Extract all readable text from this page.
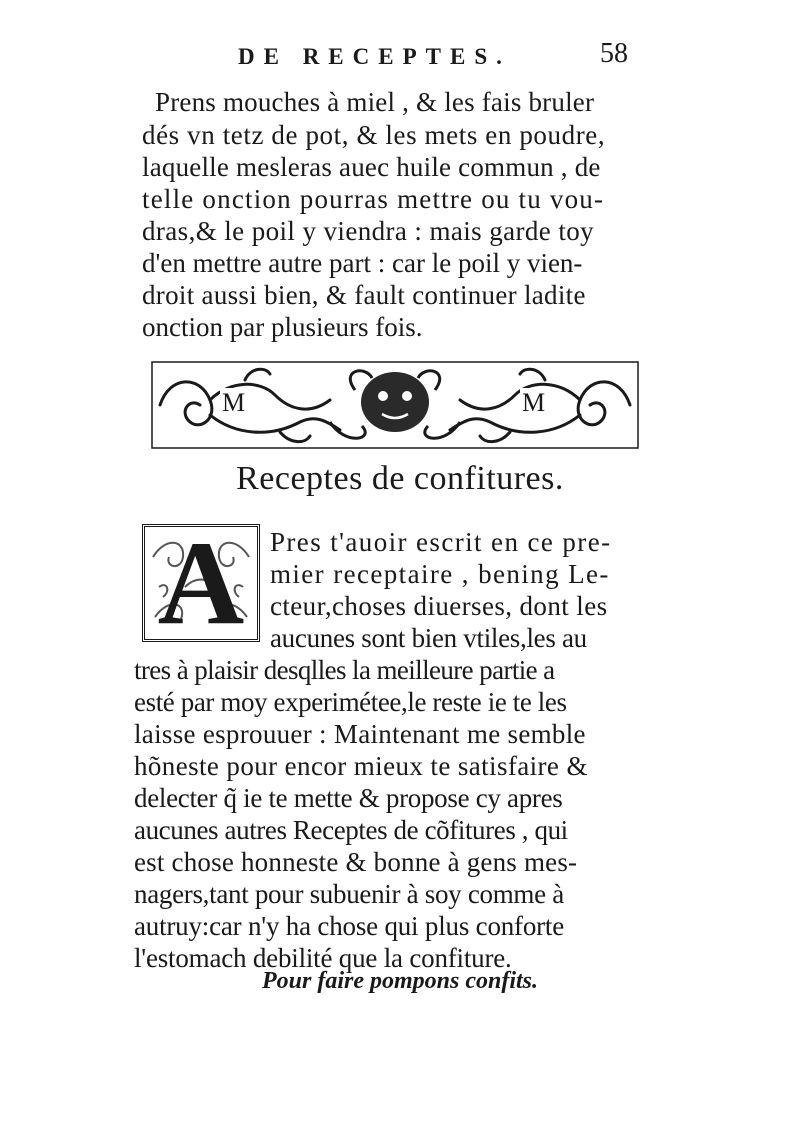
DE RECEPTES.	58
Prens mouches à miel , & les fais bruler
dés vn tetz de pot, & les mets en poudre,
laquelle mesleras auec huile commun , de
telle onction pourras mettre ou tu vou-
dras,& le poil y viendra : mais garde toy
d'en mettre autre part : car le poil y vien-
droit aussi bien, & fault continuer ladite
onction par plusieurs fois.
M	M
Receptes de confitures.
A Pres t'auoir escrit en ce pre-
mier receptaire , bening Le-
cteur,choses diuerses, dont les
aucunes sont bien vtiles,les au
tres à plaisir desqlles la meilleure partie a
esté par moy experimétee,le reste ie te les
laisse esprouuer : Maintenant me semble
hõneste pour encor mieux te satisfaire &
delecter q̃ ie te mette & propose cy apres
aucunes autres Receptes de cõfitures , qui
est chose honneste & bonne à gens mes-
nagers,tant pour subuenir à soy comme à
autruy:car n'y ha chose qui plus conforte
l'estomach debilité que la confiture.
Pour faire pompons confits.
